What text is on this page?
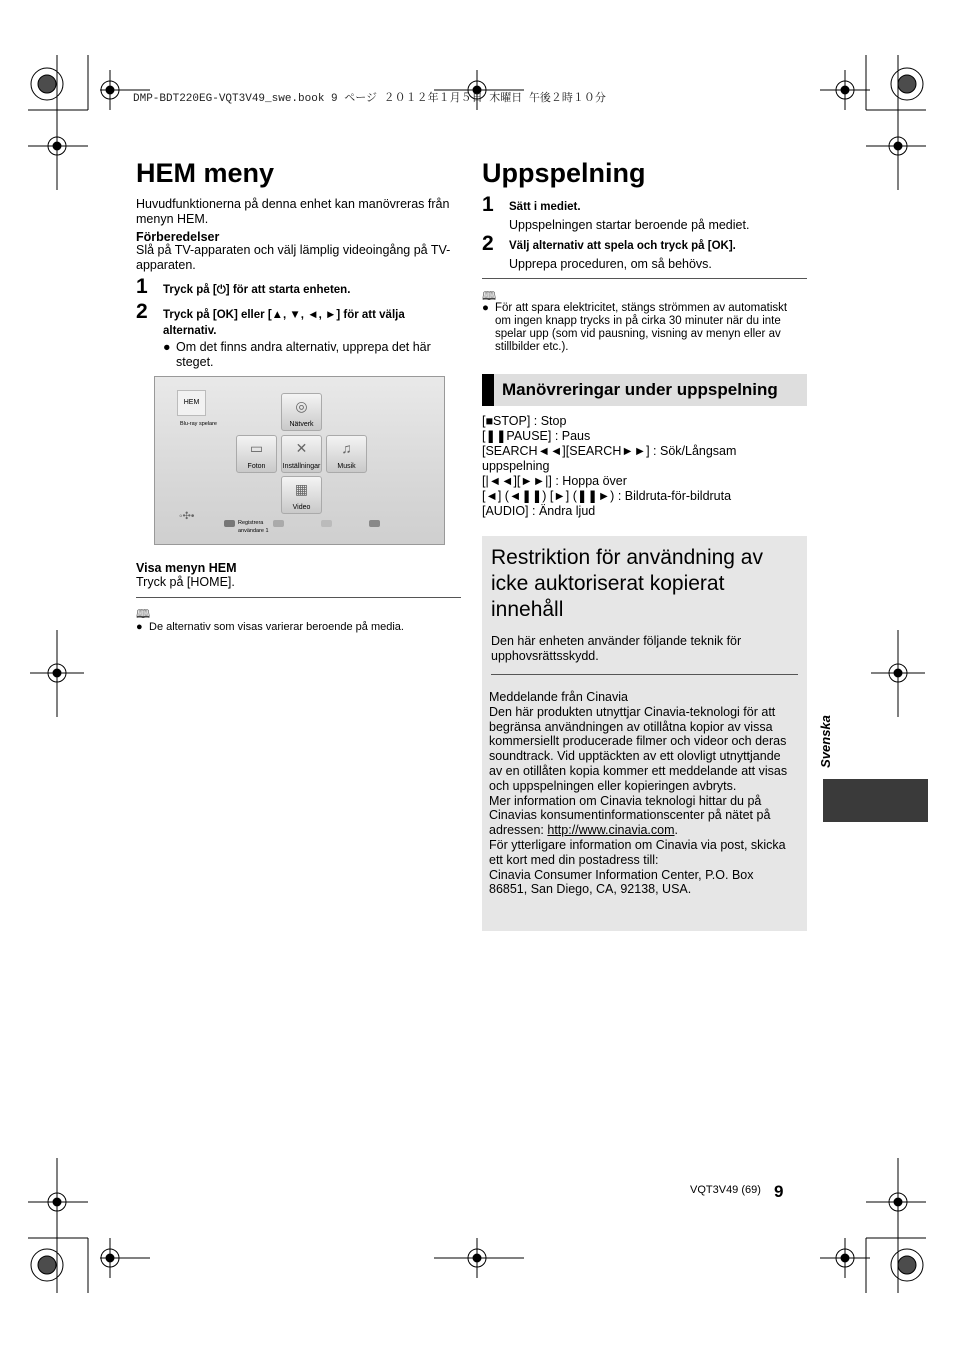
DMP-BDT220EG-VQT3V49_swe.book 9 ページ ２０１２年１月５日 木曜日 午後２時１０分
HEM meny
Huvudfunktionerna på denna enhet kan manövreras från menyn HEM.
Förberedelser
Slå på TV-apparaten och välj lämplig videoingång på TV-apparaten.
1 Tryck på [⏻] för att starta enheten.
2 Tryck på [OK] eller [▲, ▼, ◄, ►] för att välja alternativ.
● Om det finns andra alternativ, upprepa det här steget.
HEM
Blu-ray spelare
◎
Nätverk
▭
Foton
✕
Inställningar
♫
Musik
▦
Video
◦✣•
Registrera användare 1
Visa menyn HEM
Tryck på [HOME].
🕮
● De alternativ som visas varierar beroende på media.
Uppspelning
1 Sätt i mediet.
Uppspelningen startar beroende på mediet.
2 Välj alternativ att spela och tryck på [OK].
Upprepa proceduren, om så behövs.
🕮
● För att spara elektricitet, stängs strömmen av automatiskt om ingen knapp trycks in på cirka 30 minuter när du inte spelar upp (som vid pausning, visning av menyn eller av stillbilder etc.).
Manövreringar under uppspelning
[■STOP] : Stop
[❚❚PAUSE] : Paus
[SEARCH◄◄][SEARCH►►] : Sök/Långsam uppspelning
[|◄◄][►►|] : Hoppa över
[◄] (◄❚❚) [►] (❚❚►) : Bildruta-för-bildruta
[AUDIO] : Ändra ljud
Restriktion för användning av icke auktoriserat kopierat innehåll
Den här enheten använder följande teknik för upphovsrättsskydd.
Meddelande från Cinavia
Den här produkten utnyttjar Cinavia-teknologi för att begränsa användningen av otillåtna kopior av vissa kommersiellt producerade filmer och videor och deras soundtrack. Vid upptäckten av ett olovligt utnyttjande av en otillåten kopia kommer ett meddelande att visas och uppspelningen eller kopieringen avbryts.
Mer information om Cinavia teknologi hittar du på Cinavias konsumentinformationscenter på nätet på adressen: http://www.cinavia.com.
För ytterligare information om Cinavia via post, skicka ett kort med din postadress till:
Cinavia Consumer Information Center, P.O. Box 86851, San Diego, CA, 92138, USA.
Svenska
VQT3V49 (69) 9
